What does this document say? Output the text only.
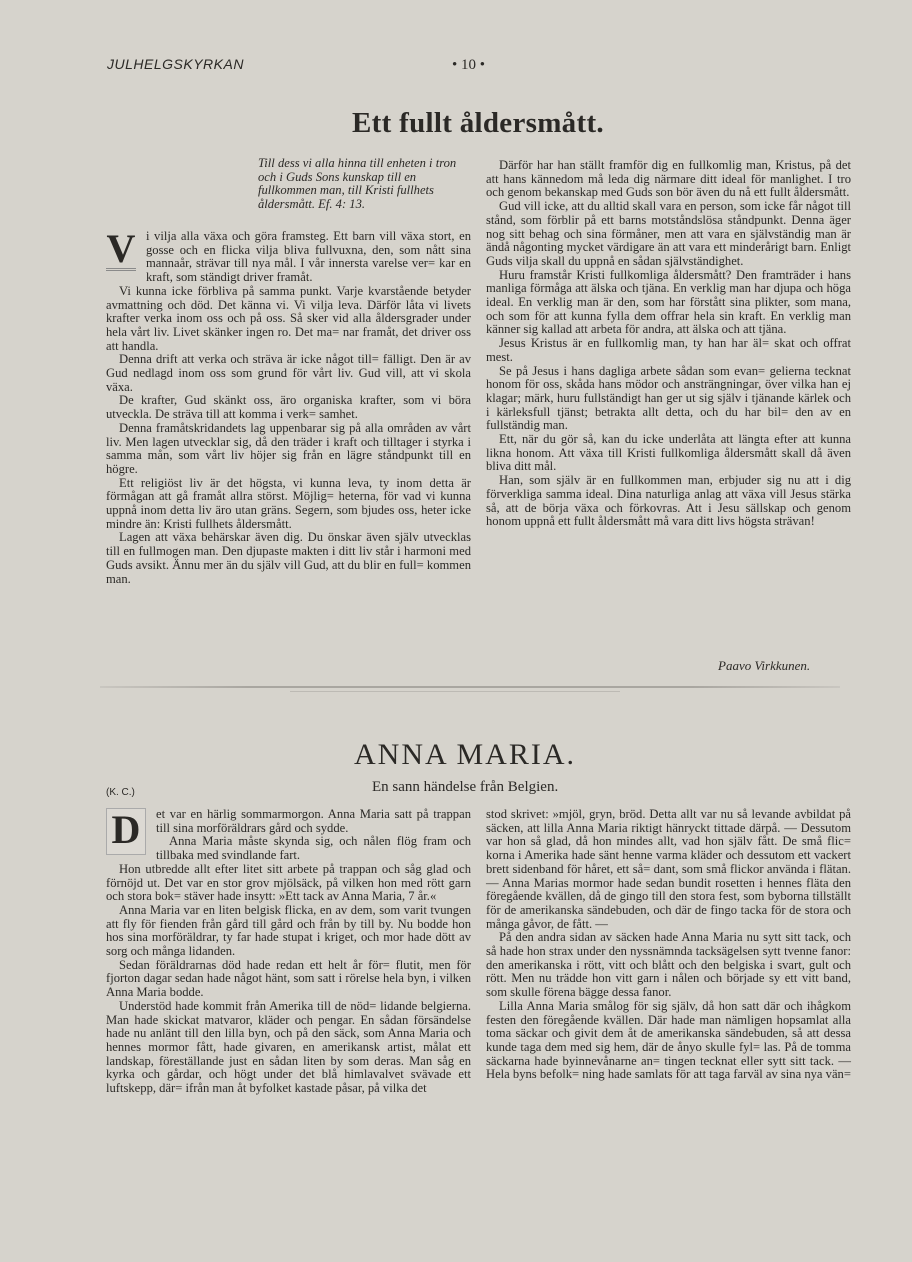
JULHELGSKYRKAN	• 10 •
Ett fullt åldersmått.
Till dess vi alla hinna till enheten i tron och i Guds Sons kunskap till en fullkommen man, till Kristi fullhets åldersmått. Ef. 4: 13.

V i vilja alla växa och göra framsteg. Ett barn vill växa stort, en gosse och en flicka vilja bliva fullvuxna, den, som nått sina mannaår, strävar till nya mål. I vår innersta varelse ver= kar en kraft, som ständigt driver framåt.

Vi kunna icke förbliva på samma punkt. Varje kvarstående betyder avmattning och död. Det känna vi. Vi vilja leva. Därför låta vi livets krafter verka inom oss och på oss. Så sker vid alla åldersgrader under hela vårt liv. Livet skänker ingen ro. Det ma= nar framåt, det driver oss att handla.

Denna drift att verka och sträva är icke något till= fälligt. Den är av Gud nedlagd inom oss som grund för vårt liv. Gud vill, att vi skola växa.

De krafter, Gud skänkt oss, äro organiska krafter, som vi böra utveckla. De sträva till att komma i verk= samhet.

Denna framåtskridandets lag uppenbarar sig på alla områden av vårt liv. Men lagen utvecklar sig, då den träder i kraft och tilltager i styrka i samma mån, som vårt liv höjer sig från en lägre ståndpunkt till en högre.

Ett religiöst liv är det högsta, vi kunna leva, ty inom detta är förmågan att gå framåt allra störst. Möjlig= heterna, för vad vi kunna uppnå inom detta liv äro utan gräns. Segern, som bjudes oss, heter icke mindre än: Kristi fullhets åldersmått.

Lagen att växa behärskar även dig. Du önskar även själv utvecklas till en fullmogen man. Den djupaste makten i ditt liv står i harmoni med Guds avsikt. Ännu mer än du själv vill Gud, att du blir en full= kommen man.

Därför har han ställt framför dig en fullkomlig man, Kristus, på det att hans kännedom må leda dig närmare ditt ideal för manlighet. I tro och genom bekanskap med Guds son bör även du nå ett fullt åldersmått.

Gud vill icke, att du alltid skall vara en person, som icke får något till stånd, som förblir på ett barns motståndslösa ståndpunkt. Denna äger nog sitt behag och sina förmåner, men att vara en självständig man är ändå någonting mycket värdigare än att vara ett minderårigt barn. Enligt Guds vilja skall du uppnå en sådan självständighet.

Huru framstår Kristi fullkomliga åldersmått? Den framträder i hans manliga förmåga att älska och tjäna. En verklig man har djupa och höga ideal. En verklig man är den, som har förstått sina plikter, som mana, och som för att kunna fylla dem offrar hela sin kraft. En verklig man känner sig kallad att arbeta för andra, att älska och att tjäna.

Jesus Kristus är en fullkomlig man, ty han har äl= skat och offrat mest.

Se på Jesus i hans dagliga arbete sådan som evan= gelierna tecknat honom för oss, skåda hans mödor och ansträngningar, över vilka han ej klagar; märk, huru fullständigt han ger ut sig själv i tjänande kärlek och i kärleksfull tjänst; betrakta allt detta, och du har bil= den av en fullständig man.

Ett, när du gör så, kan du icke underlåta att längta efter att kunna likna honom. Att växa till Kristi fullkomliga åldersmått skall då även bliva ditt mål.

Han, som själv är en fullkommen man, erbjuder sig nu att i dig förverkliga samma ideal. Dina naturliga anlag att växa vill Jesus stärka så, att de börja växa och förkovras. Att i Jesu sällskap och genom honom uppnå ett fullt åldersmått må vara ditt livs högsta strävan!

Paavo Virkkunen.
ANNA MARIA.
En sann händelse från Belgien.
(K. C.)

D	et var en härlig sommarmorgon. Anna Maria satt på trappan till sina morföräldrars gård och sydde.

Anna Maria måste skynda sig, och nålen flög fram och tillbaka med svindlande fart.

Hon utbredde allt efter litet sitt arbete på trappan och såg glad och förnöjd ut. Det var en stor grov mjölsäck, på vilken hon med rött garn och stora bok= stäver hade insytt: »Ett tack av Anna Maria, 7 år.«

Anna Maria var en liten belgisk flicka, en av dem, som varit tvungen att fly för fienden från gård till gård och från by till by. Nu bodde hon hos sina morföräldrar, ty far hade stupat i kriget, och mor hade dött av sorg och många lidanden.

Sedan föräldrarnas död hade redan ett helt år för= flutit, men för fjorton dagar sedan hade något hänt, som satt i rörelse hela byn, i vilken Anna Maria bodde.

Understöd hade kommit från Amerika till de nöd= lidande belgierna. Man hade skickat matvaror, kläder och pengar. En sådan försändelse hade nu anlänt till den lilla byn, och på den säck, som Anna Maria och hennes mormor fått, hade givaren, en amerikansk artist, målat ett landskap, föreställande just en sådan liten by som deras. Man såg en kyrka och gårdar, och högt under det blå himlavalvet svävade ett luftskepp, där= ifrån man åt byfolket kastade påsar, på vilka det

stod skrivet: »mjöl, gryn, bröd. Detta allt var nu så levande avbildat på säcken, att lilla Anna Maria riktigt hänryckt tittade därpå. — Dessutom var hon så glad, då hon mindes allt, vad hon själv fått. De små flic= korna i Amerika hade sänt henne varma kläder och dessutom ett vackert brett sidenband för håret, ett så= dant, som små flickor använda i flätan. — Anna Marias mormor hade sedan bundit rosetten i hennes fläta den föregående kvällen, då de gingo till den stora fest, som byborna tillställt för de amerikanska sändebuden, och där de fingo tacka för de stora och många gåvor, de fått. —

På den andra sidan av säcken hade Anna Maria nu sytt sitt tack, och så hade hon strax under den nyssnämnda tacksägelsen sytt tvenne fanor: den amerikanska i rött, vitt och blått och den belgiska i svart, gult och rött. Men nu trädde hon vitt garn i nålen och började sy ett vitt band, som skulle förena bägge dessa fanor.

Lilla Anna Maria smålog för sig själv, då hon satt där och ihågkom festen den föregående kvällen. Där hade man nämligen hopsamlat alla toma säckar och givit dem åt de amerikanska sändebuden, så att dessa kunde taga dem med sig hem, där de ånyo skulle fyl= las. På de tomma säckarna hade byinnevånarne an= tingen tecknat eller sytt sitt tack. — Hela byns befolk= ning hade samlats för att taga farväl av sina nya vän=
